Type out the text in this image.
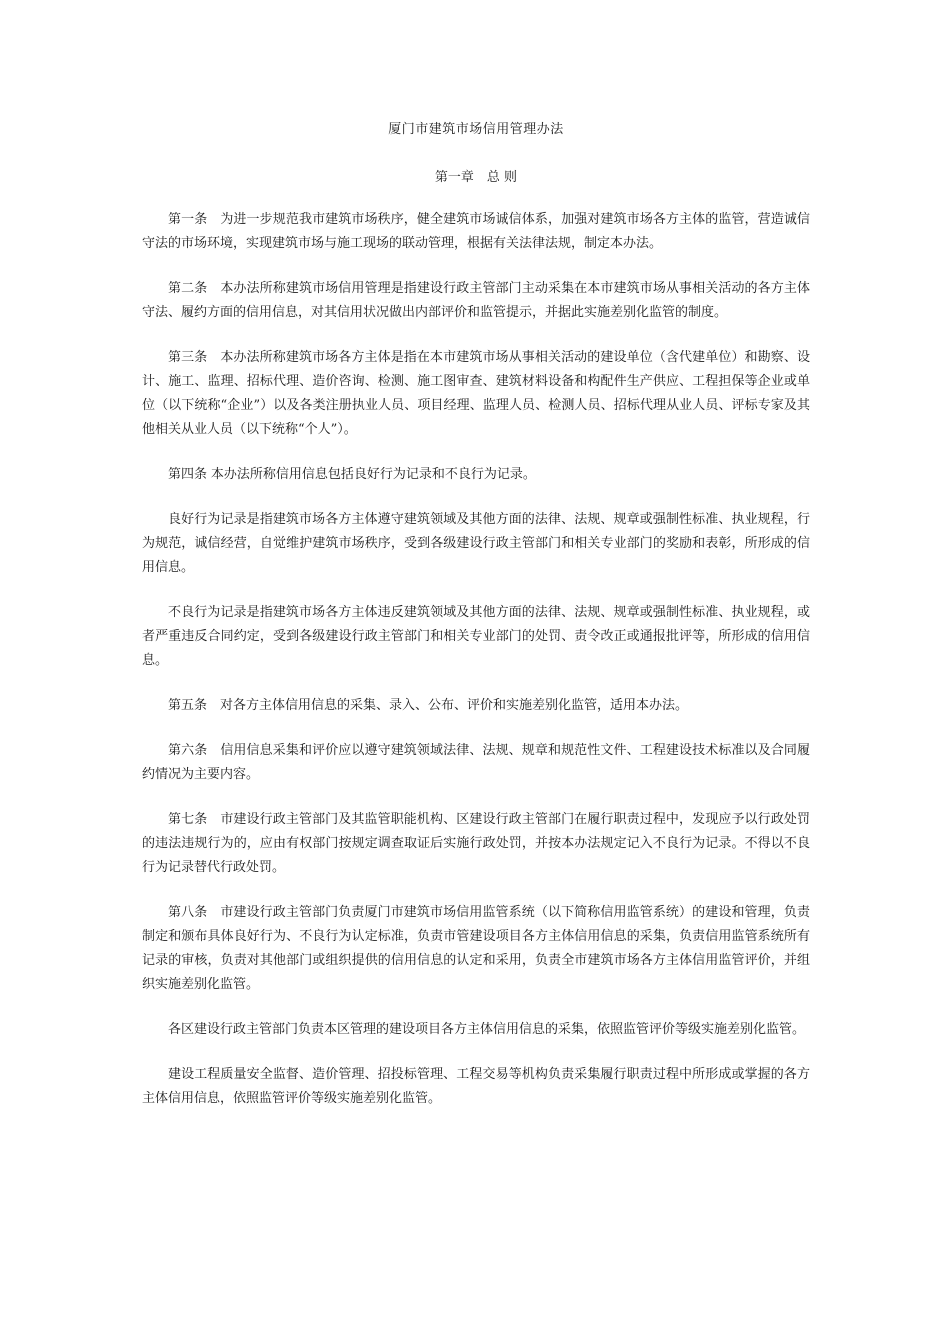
厦门市建筑市场信用管理办法
第一章　总 则

第一条 为进一步规范我市建筑市场秩序，健全建筑市场诚信体系，加强对建筑市场各方主体的监管，营造诚信守法的市场环境，实现建筑市场与施工现场的联动管理，根据有关法律法规，制定本办法。

第二条 本办法所称建筑市场信用管理是指建设行政主管部门主动采集在本市建筑市场从事相关活动的各方主体守法、履约方面的信用信息，对其信用状况做出内部评价和监管提示，并据此实施差别化监管的制度。

第三条 本办法所称建筑市场各方主体是指在本市建筑市场从事相关活动的建设单位（含代建单位）和勘察、设计、施工、监理、招标代理、造价咨询、检测、施工图审查、建筑材料设备和构配件生产供应、工程担保等企业或单位（以下统称“企业”）以及各类注册执业人员、项目经理、监理人员、检测人员、招标代理从业人员、评标专家及其他相关从业人员（以下统称“个人”）。

第四条 本办法所称信用信息包括良好行为记录和不良行为记录。

良好行为记录是指建筑市场各方主体遵守建筑领域及其他方面的法律、法规、规章或强制性标准、执业规程，行为规范，诚信经营，自觉维护建筑市场秩序，受到各级建设行政主管部门和相关专业部门的奖励和表彰，所形成的信用信息。

不良行为记录是指建筑市场各方主体违反建筑领域及其他方面的法律、法规、规章或强制性标准、执业规程，或者严重违反合同约定，受到各级建设行政主管部门和相关专业部门的处罚、责令改正或通报批评等，所形成的信用信息。

第五条 对各方主体信用信息的采集、录入、公布、评价和实施差别化监管，适用本办法。

第六条 信用信息采集和评价应以遵守建筑领域法律、法规、规章和规范性文件、工程建设技术标准以及合同履约情况为主要内容。

第七条 市建设行政主管部门及其监管职能机构、区建设行政主管部门在履行职责过程中，发现应予以行政处罚的违法违规行为的，应由有权部门按规定调查取证后实施行政处罚，并按本办法规定记入不良行为记录。不得以不良行为记录替代行政处罚。

第八条 市建设行政主管部门负责厦门市建筑市场信用监管系统（以下简称信用监管系统）的建设和管理，负责制定和颁布具体良好行为、不良行为认定标准，负责市管建设项目各方主体信用信息的采集，负责信用监管系统所有记录的审核，负责对其他部门或组织提供的信用信息的认定和采用，负责全市建筑市场各方主体信用监管评价，并组织实施差别化监管。

各区建设行政主管部门负责本区管理的建设项目各方主体信用信息的采集，依照监管评价等级实施差别化监管。

建设工程质量安全监督、造价管理、招投标管理、工程交易等机构负责采集履行职责过程中所形成或掌握的各方主体信用信息，依照监管评价等级实施差别化监管。
